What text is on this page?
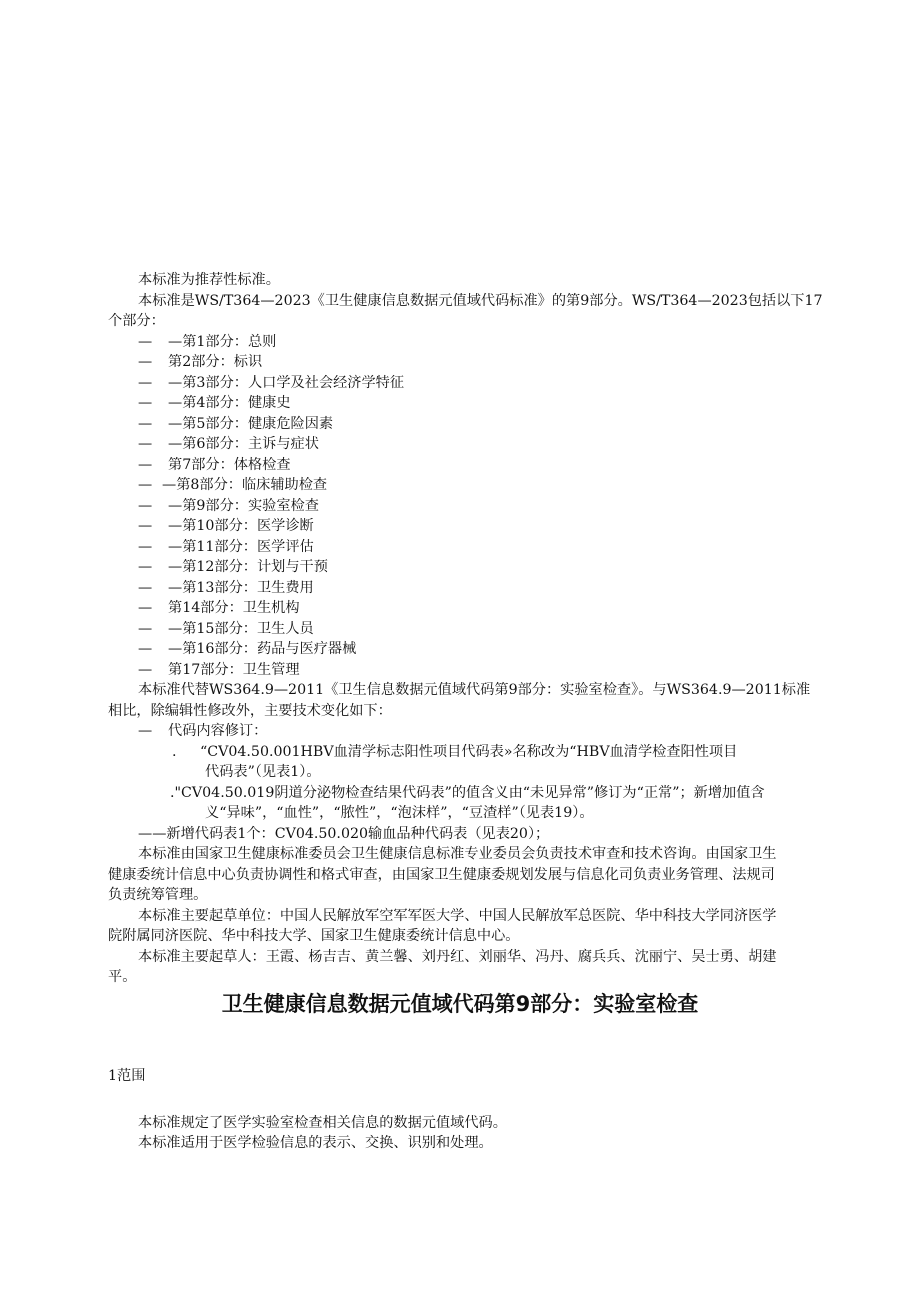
本标准为推荐性标准。
本标准是WS/T364—2023《卫生健康信息数据元值域代码标准》的第9部分。WS/T364—2023包括以下17
个部分：
— —第1部分：总则
— 第2部分：标识
— —第3部分：人口学及社会经济学特征
— —第4部分：健康史
— —第5部分：健康危险因素
— —第6部分：主诉与症状
— 第7部分：体格检查
— —第8部分：临床辅助检查
— —第9部分：实验室检查
— —第10部分：医学诊断
— —第11部分：医学评估
— —第12部分：计划与干预
— —第13部分：卫生费用
— 第14部分：卫生机构
— —第15部分：卫生人员
— —第16部分：药品与医疗器械
— 第17部分：卫生管理
本标准代替WS364.9—2011《卫生信息数据元值域代码第9部分：实验室检查》。与WS364.9—2011标准
相比，除编辑性修改外，主要技术变化如下：
— 代码内容修订：
. “CV04.50.001HBV血清学标志阳性项目代码表»名称改为“HBV血清学检查阳性项目
代码表”（见表1）。
."CV04.50.019阴道分泌物检查结果代码表”的值含义由“未见异常”修订为“正常”；新增加值含
义“异味”，“血性”，“脓性”，“泡沫样”，“豆渣样”（见表19）。
——新增代码表1个：CV04.50.020输血品种代码表（见表20）；
本标准由国家卫生健康标准委员会卫生健康信息标准专业委员会负责技术审查和技术咨询。由国家卫生
健康委统计信息中心负责协调性和格式审查，由国家卫生健康委规划发展与信息化司负责业务管理、法规司
负责统筹管理。
本标准主要起草单位：中国人民解放军空军军医大学、中国人民解放军总医院、华中科技大学同济医学
院附属同济医院、华中科技大学、国家卫生健康委统计信息中心。
本标准主要起草人：王霞、杨吉吉、黄兰馨、刘丹红、刘丽华、冯丹、腐兵兵、沈丽宁、吴士勇、胡建
平。
卫生健康信息数据元值域代码第9部分：实验室检查
1范围
本标准规定了医学实验室检查相关信息的数据元值域代码。
本标准适用于医学检验信息的表示、交换、识别和处理。
